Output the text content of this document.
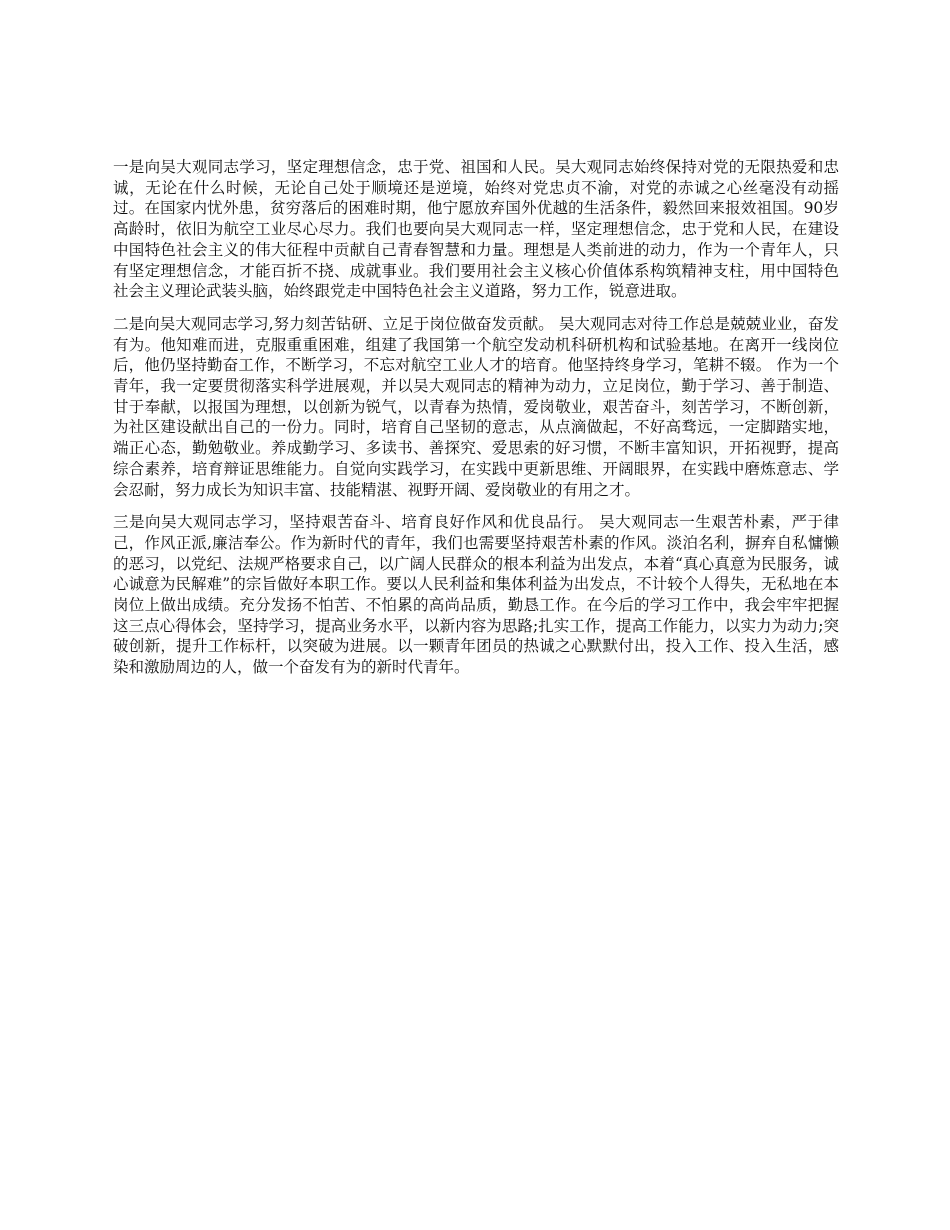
一是向吴大观同志学习，坚定理想信念，忠于党、祖国和人民。吴大观同志始终保持对党的无限热爱和忠诚，无论在什么时候，无论自己处于顺境还是逆境，始终对党忠贞不渝，对党的赤诚之心丝毫没有动摇过。在国家内忧外患，贫穷落后的困难时期，他宁愿放弃国外优越的生活条件，毅然回来报效祖国。90岁高龄时，依旧为航空工业尽心尽力。我们也要向吴大观同志一样，坚定理想信念，忠于党和人民，在建设中国特色社会主义的伟大征程中贡献自己青春智慧和力量。理想是人类前进的动力，作为一个青年人，只有坚定理想信念，才能百折不挠、成就事业。我们要用社会主义核心价值体系构筑精神支柱，用中国特色社会主义理论武装头脑，始终跟党走中国特色社会主义道路，努力工作，锐意进取。

二是向吴大观同志学习,努力刻苦钻研、立足于岗位做奋发贡献。 吴大观同志对待工作总是兢兢业业，奋发有为。他知难而进，克服重重困难，组建了我国第一个航空发动机科研机构和试验基地。在离开一线岗位后，他仍坚持勤奋工作，不断学习，不忘对航空工业人才的培育。他坚持终身学习，笔耕不辍。 作为一个青年，我一定要贯彻落实科学进展观，并以吴大观同志的精神为动力，立足岗位，勤于学习、善于制造、甘于奉献，以报国为理想，以创新为锐气，以青春为热情，爱岗敬业，艰苦奋斗，刻苦学习，不断创新，为社区建设献出自己的一份力。同时，培育自己坚韧的意志，从点滴做起，不好高骛远，一定脚踏实地，端正心态，勤勉敬业。养成勤学习、多读书、善探究、爱思索的好习惯，不断丰富知识，开拓视野，提高综合素养，培育辩证思维能力。自觉向实践学习，在实践中更新思维、开阔眼界，在实践中磨炼意志、学会忍耐，努力成长为知识丰富、技能精湛、视野开阔、爱岗敬业的有用之才。

三是向吴大观同志学习，坚持艰苦奋斗、培育良好作风和优良品行。 吴大观同志一生艰苦朴素，严于律己，作风正派,廉洁奉公。作为新时代的青年，我们也需要坚持艰苦朴素的作风。淡泊名利，摒弃自私慵懒的恶习，以党纪、法规严格要求自己，以广阔人民群众的根本利益为出发点，本着“真心真意为民服务，诚心诚意为民解难”的宗旨做好本职工作。要以人民利益和集体利益为出发点，不计较个人得失，无私地在本岗位上做出成绩。充分发扬不怕苦、不怕累的高尚品质，勤恳工作。在今后的学习工作中，我会牢牢把握这三点心得体会，坚持学习，提高业务水平，以新内容为思路;扎实工作，提高工作能力，以实力为动力;突破创新，提升工作标杆，以突破为进展。以一颗青年团员的热诚之心默默付出，投入工作、投入生活，感染和激励周边的人，做一个奋发有为的新时代青年。
